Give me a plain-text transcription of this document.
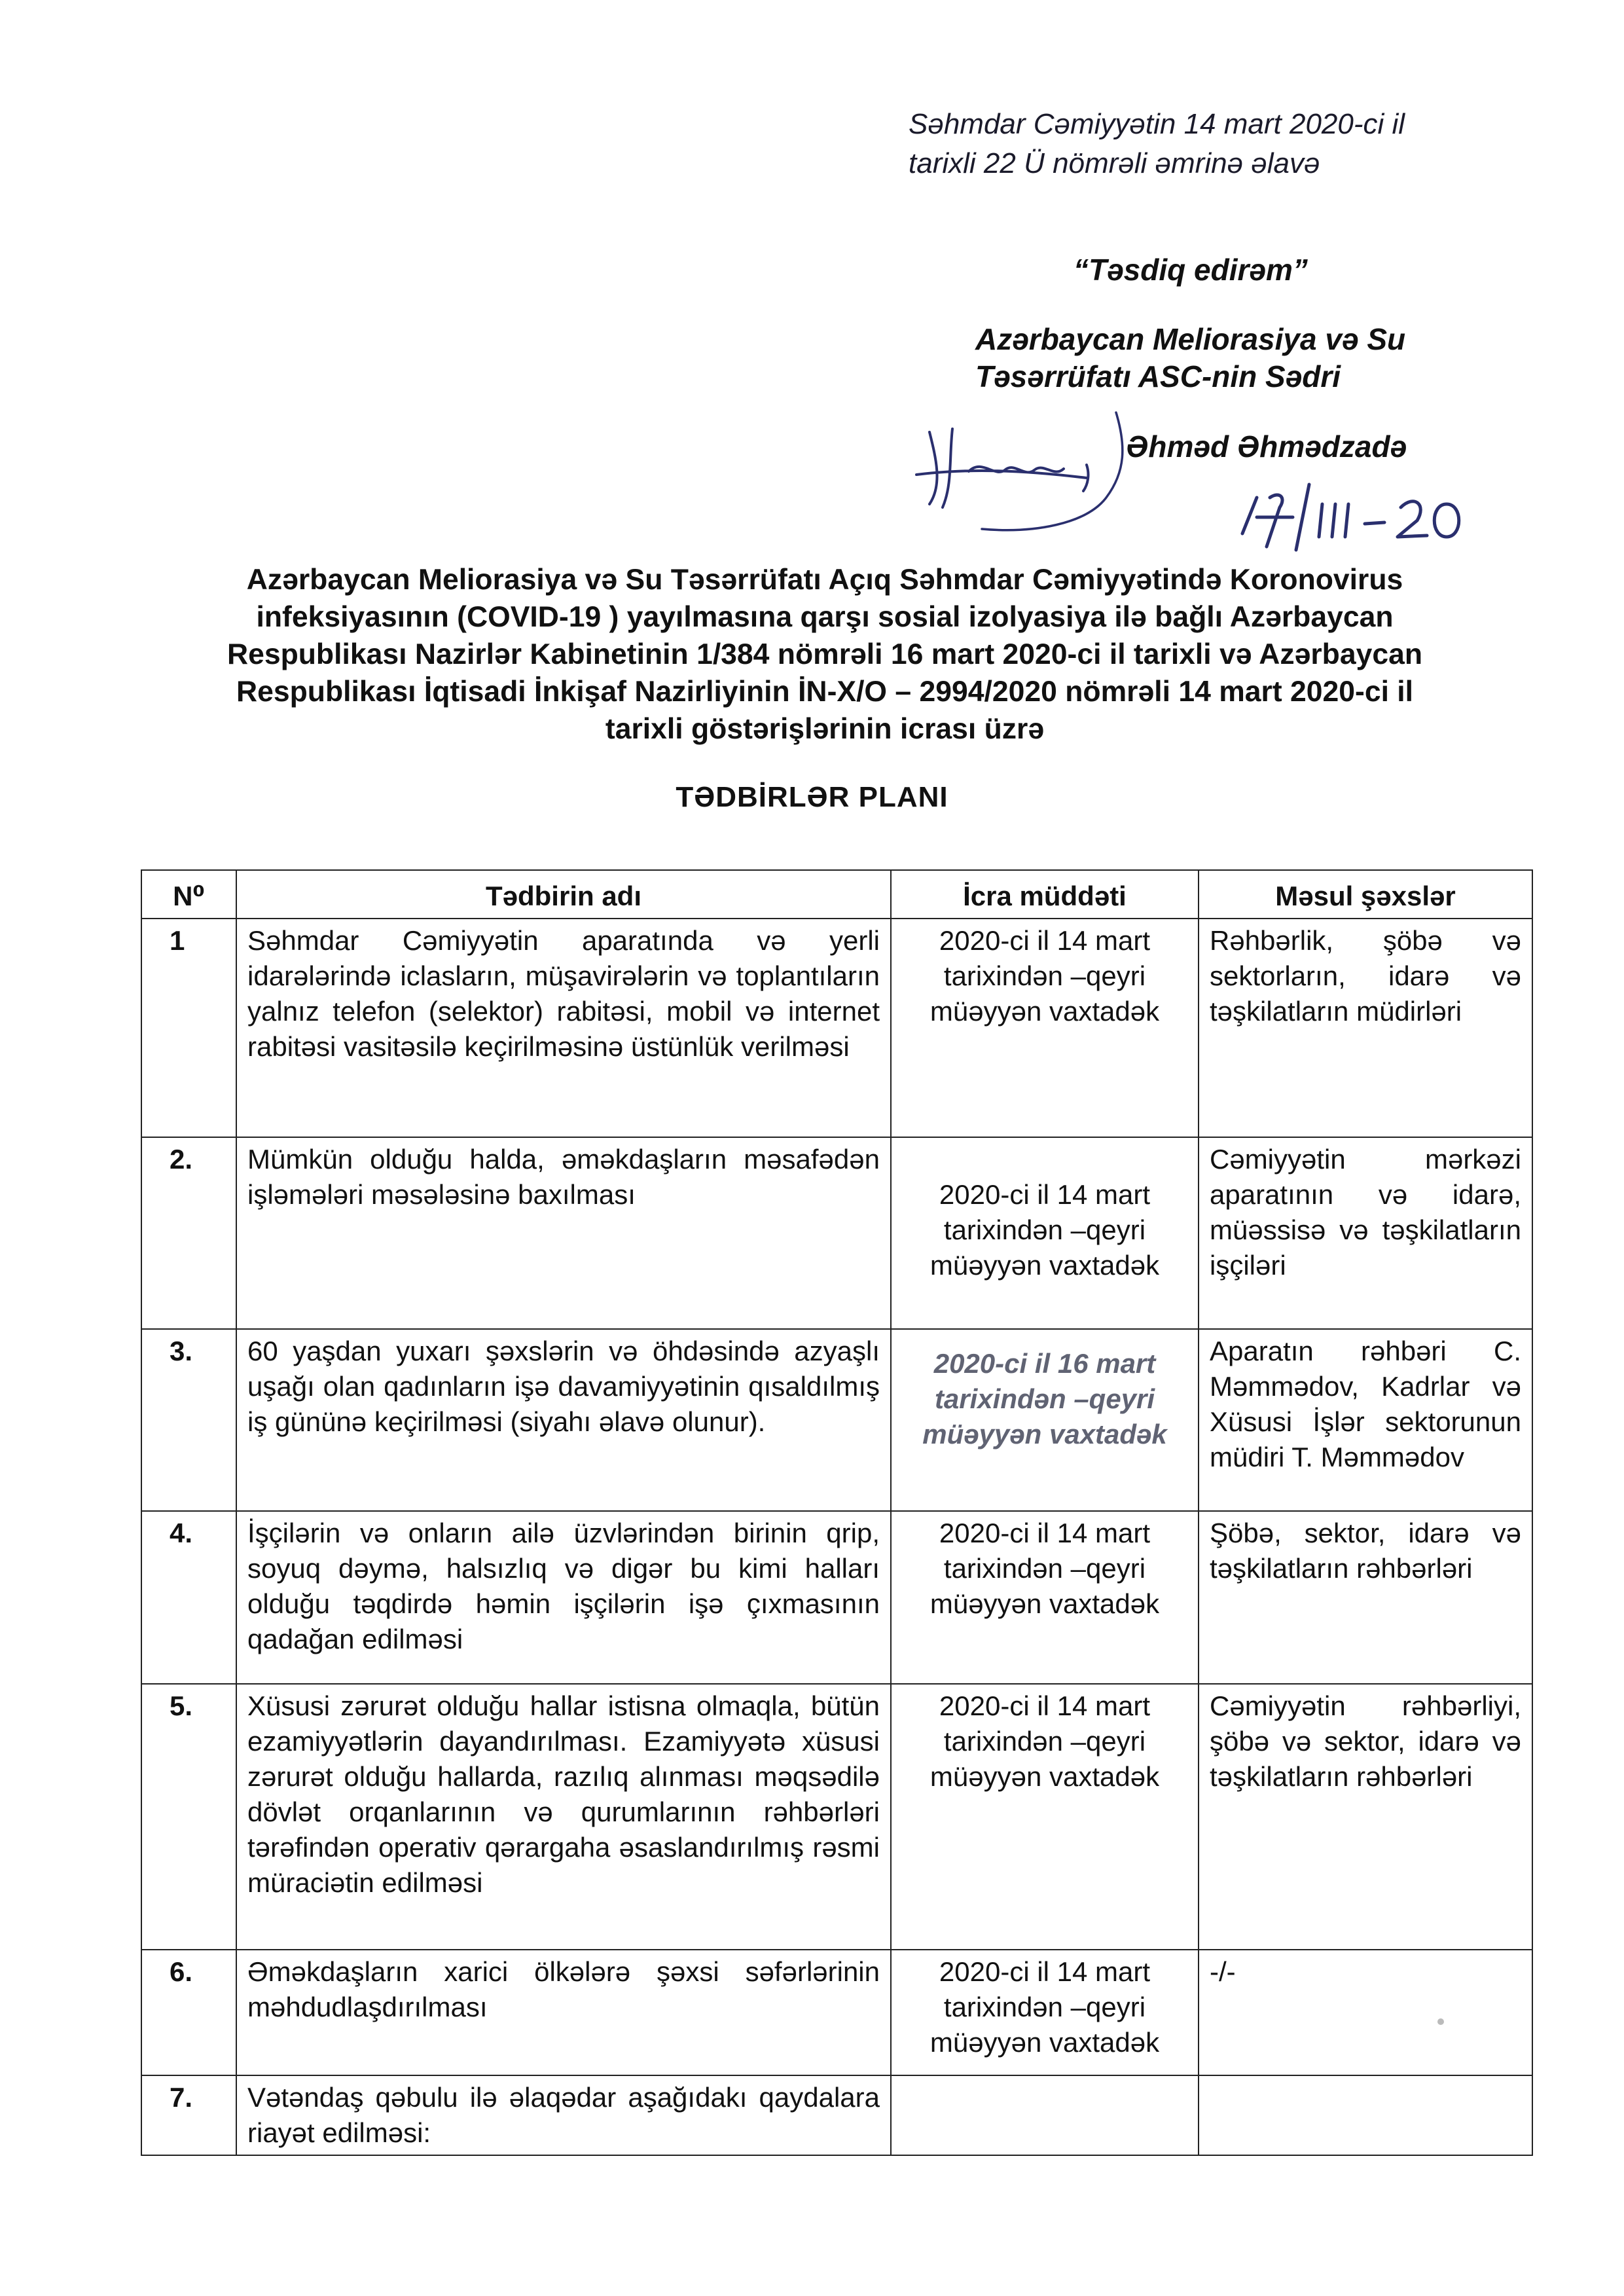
Səhmdar Cəmiyyətin 14 mart 2020-ci il
tarixli 22 Ü nömrəli əmrinə əlavə
“Təsdiq edirəm”
Azərbaycan Meliorasiya və Su
Təsərrüfatı ASC-nin Sədri
Əhməd Əhmədzadə
Azərbaycan Meliorasiya və Su Təsərrüfatı Açıq Səhmdar Cəmiyyətində Koronovirus infeksiyasının (COVID-19 ) yayılmasına qarşı sosial izolyasiya ilə bağlı Azərbaycan Respublikası Nazirlər Kabinetinin 1/384 nömrəli 16 mart 2020-ci il tarixli və Azərbaycan Respublikası İqtisadi İnkişaf Nazirliyinin İN-X/O – 2994/2020 nömrəli 14 mart 2020-ci il tarixli göstərişlərinin icrası üzrə
TƏDBİRLƏR PLANI
N⁰	Tədbirin adı	İcra müddəti	Məsul şəxslər
1	Səhmdar Cəmiyyətin aparatında və yerli idarələrində iclasların, müşavirələrin və toplantıların yalnız telefon (selektor) rabitəsi, mobil və internet rabitəsi vasitəsilə keçirilməsinə üstünlük verilməsi	2020-ci il 14 mart tarixindən –qeyri müəyyən vaxtadək	Rəhbərlik, şöbə və sektorların, idarə və təşkilatların müdirləri
2.	Mümkün olduğu halda, əməkdaşların məsafədən işləmələri məsələsinə baxılması	2020-ci il 14 mart tarixindən –qeyri müəyyən vaxtadək	Cəmiyyətin mərkəzi aparatının və idarə, müəssisə və təşkilatların işçiləri
3.	60 yaşdan yuxarı şəxslərin və öhdəsində azyaşlı uşağı olan qadınların işə davamiyyətinin qısaldılmış iş gününə keçirilməsi (siyahı əlavə olunur).	2020-ci il 16 mart tarixindən –qeyri müəyyən vaxtadək	Aparatın rəhbəri C. Məmmədov, Kadrlar və Xüsusi İşlər sektorunun müdiri T. Məmmədov
4.	İşçilərin və onların ailə üzvlərindən birinin qrip, soyuq dəymə, halsızlıq və digər bu kimi halları olduğu təqdirdə həmin işçilərin işə çıxmasının qadağan edilməsi	2020-ci il 14 mart tarixindən –qeyri müəyyən vaxtadək	Şöbə, sektor, idarə və təşkilatların rəhbərləri
5.	Xüsusi zərurət olduğu hallar istisna olmaqla, bütün ezamiyyətlərin dayandırılması. Ezamiyyətə xüsusi zərurət olduğu hallarda, razılıq alınması məqsədilə dövlət orqanlarının və qurumlarının rəhbərləri tərəfindən operativ qərargaha əsaslandırılmış rəsmi müraciətin edilməsi	2020-ci il 14 mart tarixindən –qeyri müəyyən vaxtadək	Cəmiyyətin rəhbərliyi, şöbə və sektor, idarə və təşkilatların rəhbərləri
6.	Əməkdaşların xarici ölkələrə şəxsi səfərlərinin məhdudlaşdırılması	2020-ci il 14 mart tarixindən –qeyri müəyyən vaxtadək	-/-
7.	Vətəndaş qəbulu ilə əlaqədar aşağıdakı qaydalara riayət edilməsi:		
